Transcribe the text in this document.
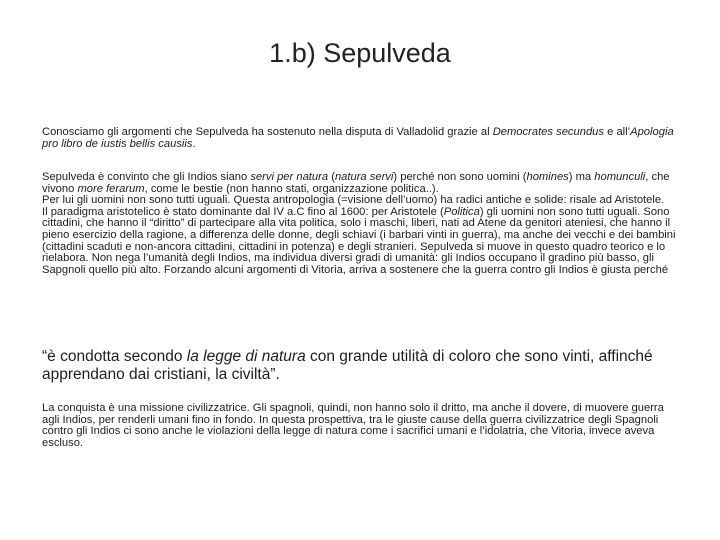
1.b) Sepulveda

Conosciamo gli argomenti che Sepulveda ha sostenuto nella disputa di Valladolid grazie al Democrates secundus e all’Apologia pro libro de iustis bellis causiis.

Sepulveda è convinto che gli Indios siano servi per natura (natura servi) perché non sono uomini (homines) ma homunculi, che vivono more ferarum, come le bestie (non hanno stati, organizzazione politica..).

Per lui gli uomini non sono tutti uguali. Questa antropologia (=visione dell’uomo) ha radici antiche e solide: risale ad Aristotele.

Il paradigma aristotelico è stato dominante dal IV a.C fino al 1600: per Aristotele (Politica) gli uomini non sono tutti uguali. Sono cittadini, che hanno il “diritto” di partecipare alla vita politica, solo i maschi, liberi, nati ad Atene da genitori ateniesi, che hanno il pieno esercizio della ragione, a differenza delle donne, degli schiavi (i barbari vinti in guerra), ma anche dei vecchi e dei bambini (cittadini scaduti e non-ancora cittadini, cittadini in potenza) e degli stranieri. Sepulveda si muove in questo quadro teorico e lo rielabora. Non nega l’umanità degli Indios, ma individua diversi gradi di umanità: gli Indios occupano il gradino più basso, gli Sapgnoli quello più alto. Forzando alcuni argomenti di Vitoria, arriva a sostenere che la guerra contro gli Indios è giusta perché

“è condotta secondo la legge di natura con grande utilità di coloro che sono vinti, affinché apprendano dai cristiani, la civiltà”.

La conquista è una missione civilizzatrice. Gli spagnoli, quindi, non hanno solo il dritto, ma anche il dovere, di muovere guerra agli Indios, per renderli umani fino in fondo. In questa prospettiva, tra le giuste cause della guerra civilizzatrice degli Spagnoli contro gli Indios ci sono anche le violazioni della legge di natura come i sacrifici umani e l’idolatria, che Vitoria, invece aveva escluso.
